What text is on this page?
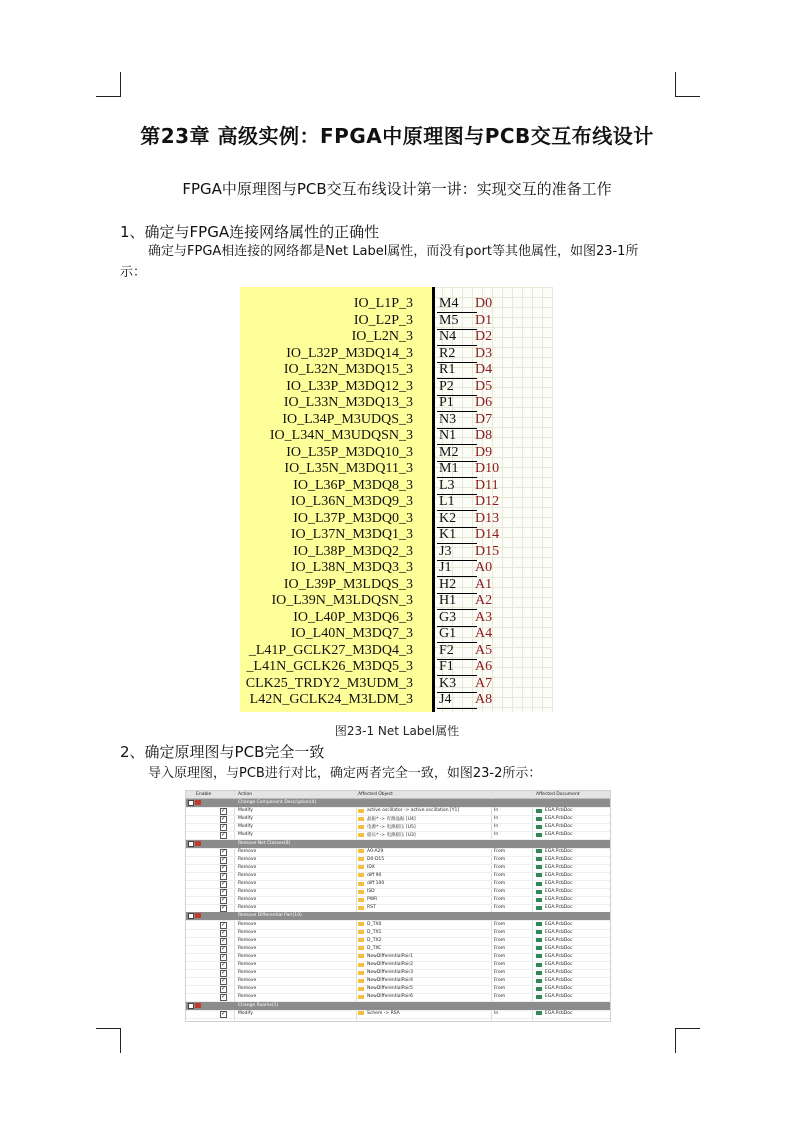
第23章 高级实例：FPGA中原理图与PCB交互布线设计
FPGA中原理图与PCB交互布线设计第一讲：实现交互的准备工作
1、确定与FPGA连接网络属性的正确性
确定与FPGA相连接的网络都是Net Label属性，而没有port等其他属性，如图23-1所
示：
IO_L1P_3 M4	D0
IO_L2P_3 M5	D1
IO_L2N_3 N4	D2
IO_L32P_M3DQ14_3 R2	D3
IO_L32N_M3DQ15_3 R1	D4
IO_L33P_M3DQ12_3 P2	D5
IO_L33N_M3DQ13_3 P1	D6
IO_L34P_M3UDQS_3 N3	D7
IO_L34N_M3UDQSN_3 N1	D8
IO_L35P_M3DQ10_3 M2	D9
IO_L35N_M3DQ11_3 M1	D10
IO_L36P_M3DQ8_3 L3	D11
IO_L36N_M3DQ9_3 L1	D12
IO_L37P_M3DQ0_3 K2	D13
IO_L37N_M3DQ1_3 K1	D14
IO_L38P_M3DQ2_3 J3	D15
IO_L38N_M3DQ3_3 J1	A0
IO_L39P_M3LDQS_3 H2	A1
IO_L39N_M3LDQSN_3 H1	A2
IO_L40P_M3DQ6_3 G3	A3
IO_L40N_M3DQ7_3 G1	A4
_L41P_GCLK27_M3DQ4_3 F2	A5
_L41N_GCLK26_M3DQ5_3 F1	A6
CLK25_TRDY2_M3UDM_3 K3	A7
L42N_GCLK24_M3LDM_3 J4	A8
图23-1 Net Label属性
2、确定原理图与PCB完全一致
导入原理图，与PCB进行对比，确定两者完全一致，如图23-2所示：
Enable	Action	Affected Object	Affected Document
Change Component Description(4)
✓
Modify	active oscillator -> active oscillation [Y1]	In	EGA.PcbDoc
✓
Modify	晶振* -> 有源晶振 [U4]	In	EGA.PcbDoc
✓
Modify	电源* -> 电源稳压 [U5]	In	EGA.PcbDoc
✓
Modify	稳压* -> 电源稳压 [U3]	In	EGA.PcbDoc
Remove Net Classes(8)
✓
Remove	A0-A29	From	EGA.PcbDoc
✓
Remove	D0-D15	From	EGA.PcbDoc
✓
Remove	IDX	From	EGA.PcbDoc
✓
Remove	diff 90	From	EGA.PcbDoc
✓
Remove	diff 100	From	EGA.PcbDoc
✓
Remove	ISD	From	EGA.PcbDoc
✓
Remove	PWR	From	EGA.PcbDoc
✓
Remove	RST	From	EGA.PcbDoc
Remove Differential Pair(10)
✓
Remove	D_TX0	From	EGA.PcbDoc
✓
Remove	D_TX1	From	EGA.PcbDoc
✓
Remove	D_TX2	From	EGA.PcbDoc
✓
Remove	D_TXC	From	EGA.PcbDoc
✓
Remove	NewDifferentialPair1	From	EGA.PcbDoc
✓
Remove	NewDifferentialPair2	From	EGA.PcbDoc
✓
Remove	NewDifferentialPair3	From	EGA.PcbDoc
✓
Remove	NewDifferentialPair4	From	EGA.PcbDoc
✓
Remove	NewDifferentialPair5	From	EGA.PcbDoc
✓
Remove	NewDifferentialPair6	From	EGA.PcbDoc
Change Rooms(1)
✓
Modify	Schem -> RSA	In	EGA.PcbDoc
